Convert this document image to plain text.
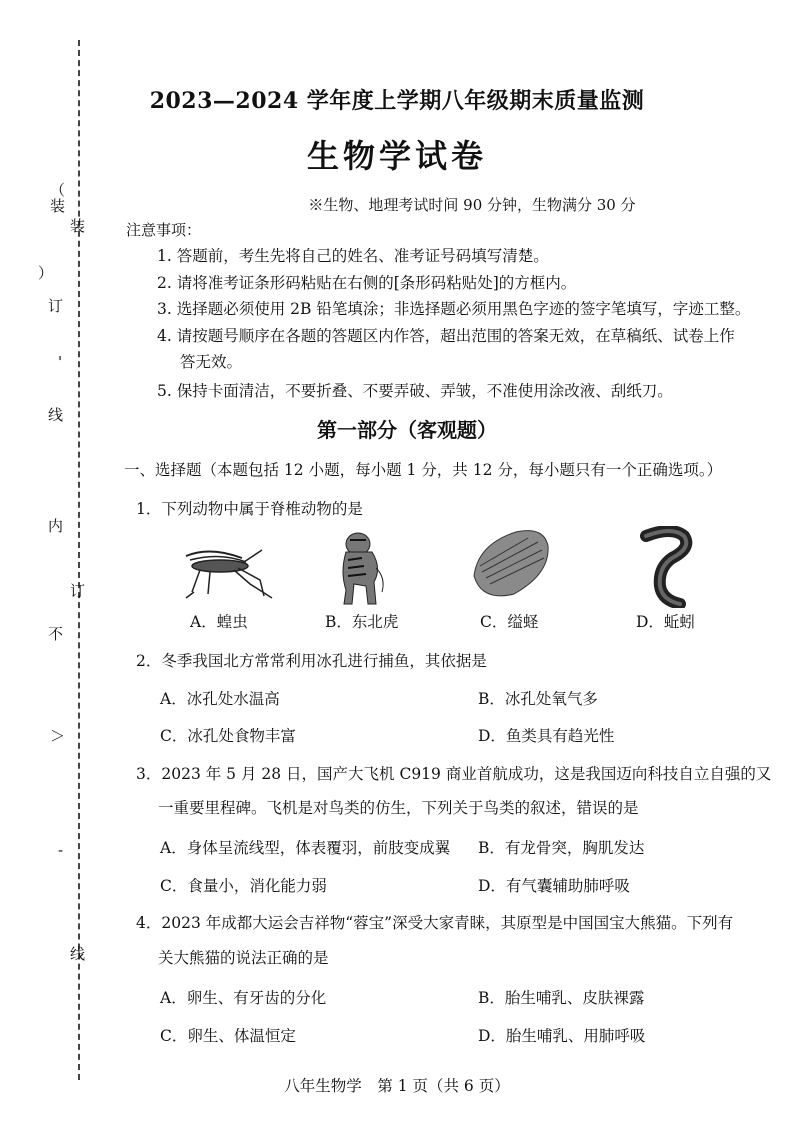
（
装
）
订
'
线
内
不
＞
-
装
订
线
2023—2024 学年度上学期八年级期末质量监测
生物学试卷
※生物、地理考试时间 90 分钟，生物满分 30 分
注意事项：
1. 答题前，考生先将自己的姓名、准考证号码填写清楚。
2. 请将准考证条形码粘贴在右侧的[条形码粘贴处]的方框内。
3. 选择题必须使用 2B 铅笔填涂；非选择题必须用黑色字迹的签字笔填写，字迹工整。
4. 请按题号顺序在各题的答题区内作答，超出范围的答案无效，在草稿纸、试卷上作
答无效。
5. 保持卡面清洁，不要折叠、不要弄破、弄皱，不准使用涂改液、刮纸刀。
第一部分（客观题）
一、选择题（本题包括 12 小题，每小题 1 分，共 12 分，每小题只有一个正确选项。）
1．下列动物中属于脊椎动物的是
A．蝗虫	B．东北虎	C．缢蛏	D．蚯蚓
2．冬季我国北方常常利用冰孔进行捕鱼，其依据是
A．冰孔处水温高	B．冰孔处氧气多
C．冰孔处食物丰富	D．鱼类具有趋光性
3．2023 年 5 月 28 日，国产大飞机 C919 商业首航成功，这是我国迈向科技自立自强的又
一重要里程碑。飞机是对鸟类的仿生，下列关于鸟类的叙述，错误的是
A．身体呈流线型，体表覆羽，前肢变成翼 B．有龙骨突，胸肌发达
C．食量小，消化能力弱	D．有气囊辅助肺呼吸
4．2023 年成都大运会吉祥物“蓉宝”深受大家青睐，其原型是中国国宝大熊猫。下列有
关大熊猫的说法正确的是
A．卵生、有牙齿的分化	B．胎生哺乳、皮肤裸露
C．卵生、体温恒定	D．胎生哺乳、用肺呼吸
八年生物学　第 1 页（共 6 页）
